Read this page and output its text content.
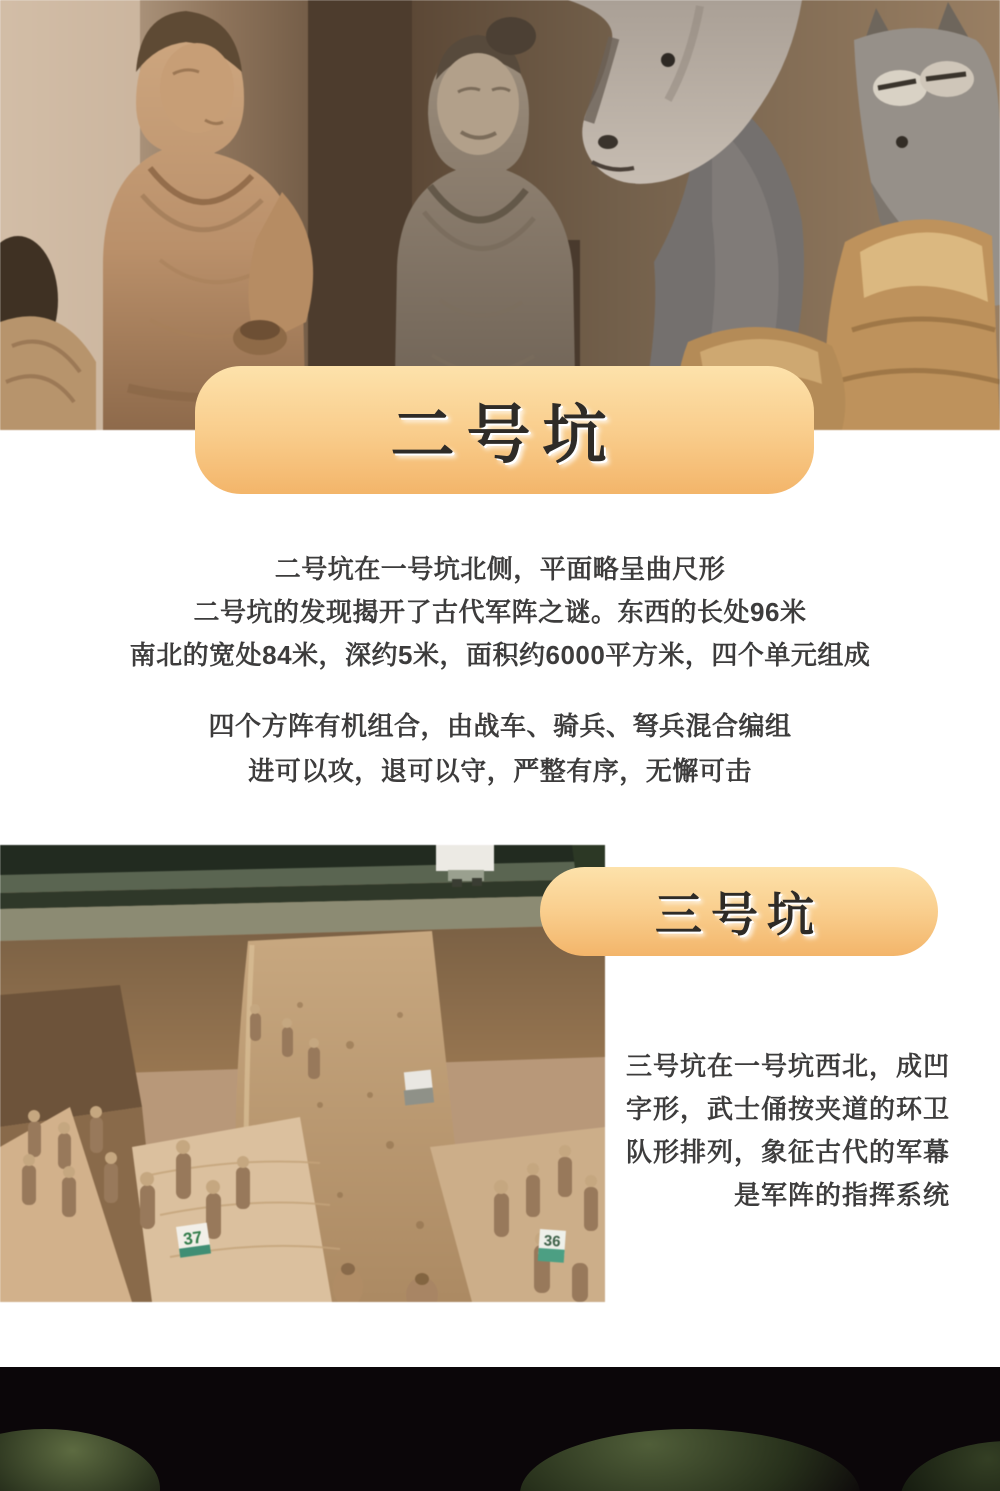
二号坑
二号坑在一号坑北侧，平面略呈曲尺形
二号坑的发现揭开了古代军阵之谜。东西的长处96米
南北的宽处84米，深约5米，面积约6000平方米，四个单元组成
四个方阵有机组合，由战车、骑兵、弩兵混合编组
进可以攻，退可以守，严整有序，无懈可击
37	36
三号坑
三号坑在一号坑西北，成凹
字形，武士俑按夹道的环卫
队形排列，象征古代的军幕
是军阵的指挥系统
